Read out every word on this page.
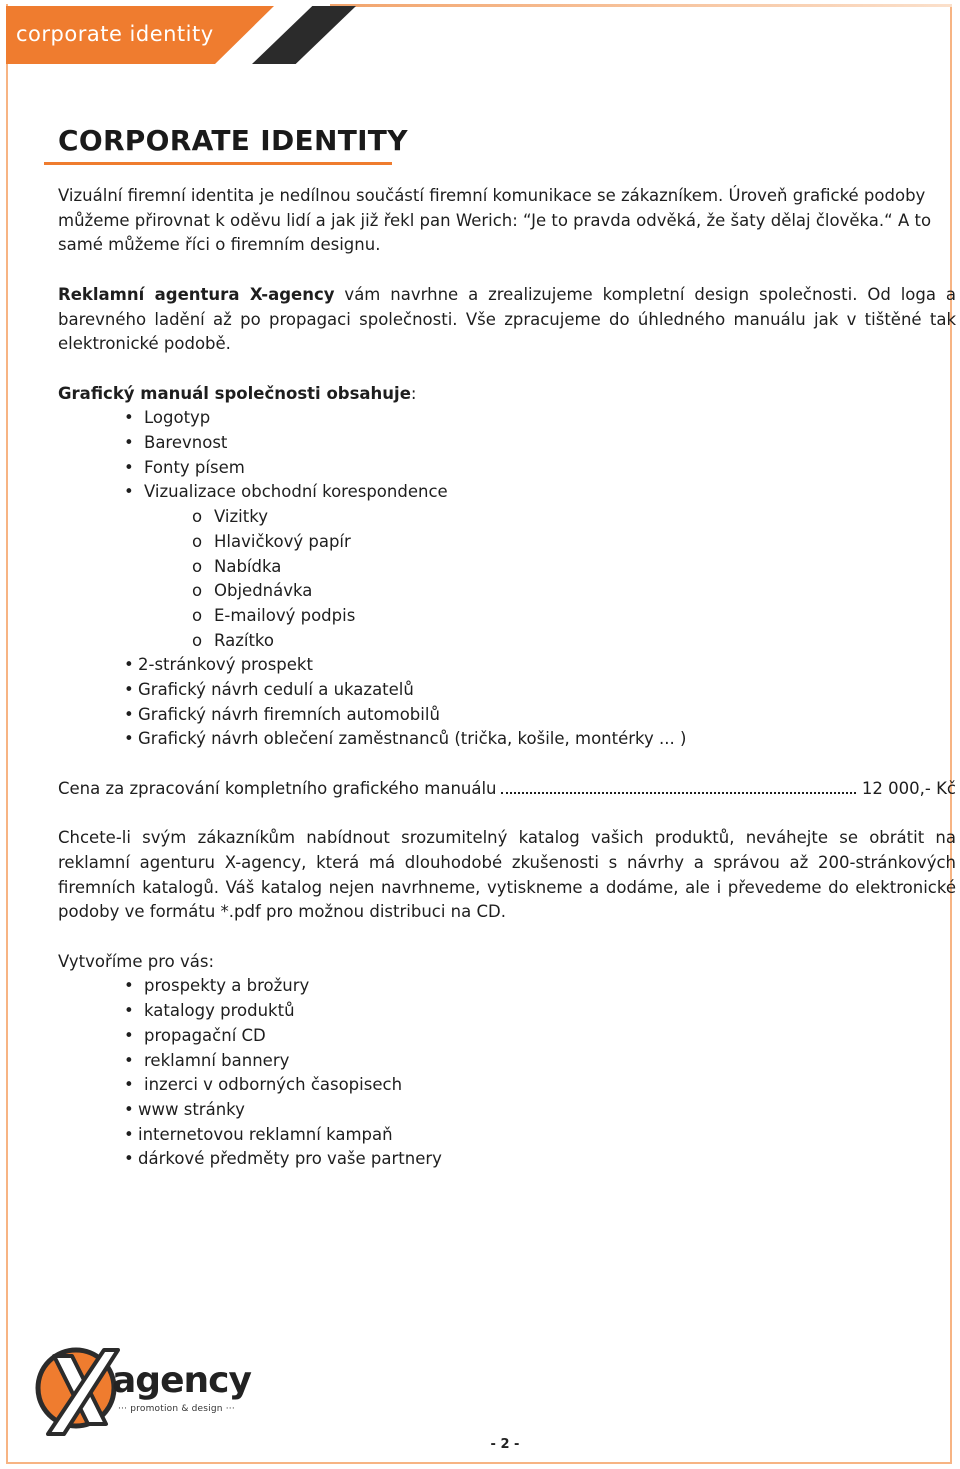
corporate identity
CORPORATE IDENTITY

Vizuální firemní identita je nedílnou součástí firemní komunikace se zákazníkem. Úroveň grafické podoby můžeme přirovnat k oděvu lidí a jak již řekl pan Werich: “Je to pravda odvěká, že šaty dělaj člověka.“ A to samé můžeme říci o firemním designu.

Reklamní agentura X-agency vám navrhne a zrealizujeme kompletní design společnosti. Od loga a barevného ladění až po propagaci společnosti. Vše zpracujeme do úhledného manuálu jak v tištěné tak elektronické podobě.

Grafický manuál společnosti obsahuje:
• Logotyp
• Barevnost
• Fonty písem
• Vizualizace obchodní korespondence
o Vizitky
o Hlavičkový papír
o Nabídka
o Objednávka
o E-mailový podpis
o Razítko
• 2-stránkový prospekt
• Grafický návrh cedulí a ukazatelů
• Grafický návrh firemních automobilů
• Grafický návrh oblečení zaměstnanců (trička, košile, montérky ... )
Cena za zpracování kompletního grafického manuálu	12 000,- Kč

Chcete-li svým zákazníkům nabídnout srozumitelný katalog vašich produktů, neváhejte se obrátit na reklamní agenturu X-agency, která má dlouhodobé zkušenosti s návrhy a správou až 200-stránkových firemních katalogů. Váš katalog nejen navrhneme, vytiskneme a dodáme, ale i převedeme do elektronické podoby ve formátu *.pdf pro možnou distribuci na CD.

Vytvoříme pro vás:
• prospekty a brožury
• katalogy produktů
• propagační CD
• reklamní bannery
• inzerci v odborných časopisech
• www stránky
• internetovou reklamní kampaň
• dárkové předměty pro vaše partnery
agency
··· promotion & design ···
- 2 -
